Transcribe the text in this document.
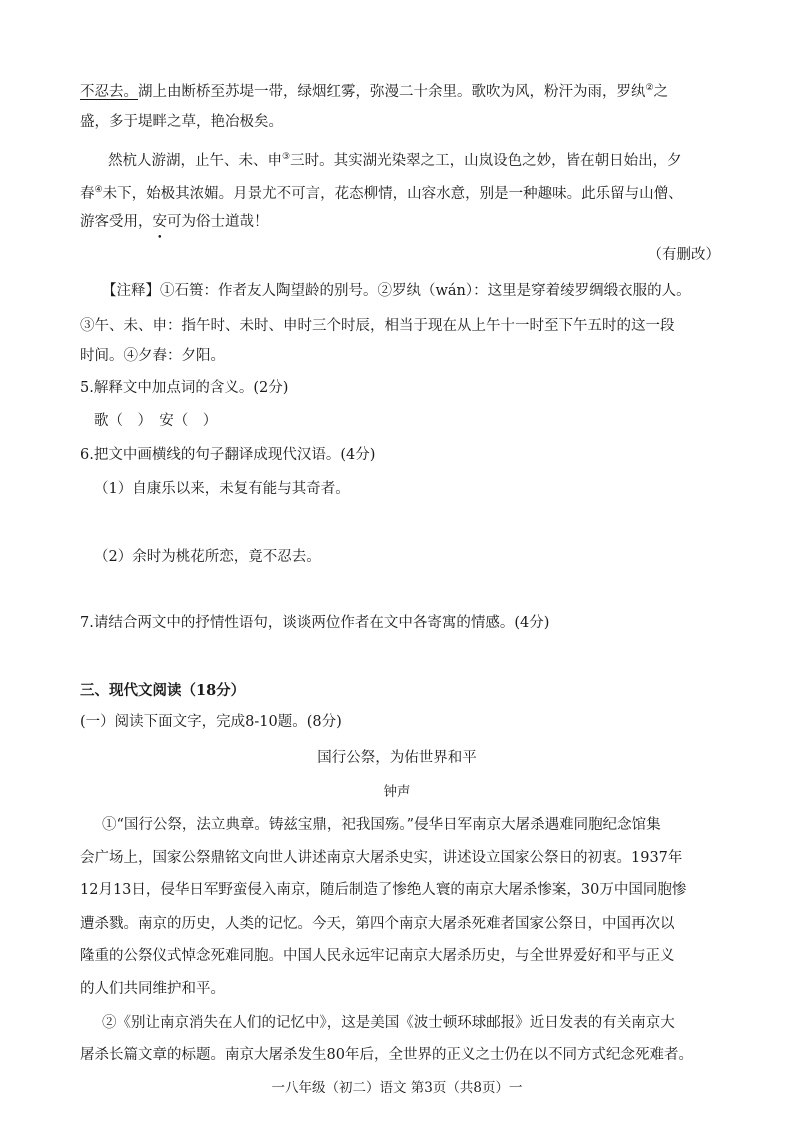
不忍去。湖上由断桥至苏堤一带，绿烟红雾，弥漫二十余里。歌吹为风，粉汗为雨，罗纨②之
盛，多于堤畔之草，艳冶极矣。
然杭人游湖，止午、未、申③三时。其实湖光染翠之工，山岚设色之妙，皆在朝日始出，夕
春④未下，始极其浓媚。月景尤不可言，花态柳情，山容水意，别是一种趣味。此乐留与山僧、
游客受用，安可为俗士道哉！
（有删改）
【注释】①石篑：作者友人陶望龄的别号。②罗纨（wán）：这里是穿着绫罗绸缎衣服的人。
③午、未、申：指午时、未时、申时三个时辰，相当于现在从上午十一时至下午五时的这一段
时间。④夕舂：夕阳。
5.解释文中加点词的含义。(2分)
歌（　）　安（　）
6.把文中画横线的句子翻译成现代汉语。(4分)
（1）自康乐以来，未复有能与其奇者。
（2）余时为桃花所恋，竟不忍去。
7.请结合两文中的抒情性语句，谈谈两位作者在文中各寄寓的情感。(4分)
三、现代文阅读（18分）
(一）阅读下面文字，完成8-10题。(8分)
国行公祭，为佑世界和平
钟声
①“国行公祭，法立典章。铸兹宝鼎，祀我国殇。”侵华日军南京大屠杀遇难同胞纪念馆集
会广场上，国家公祭鼎铭文向世人讲述南京大屠杀史实，讲述设立国家公祭日的初衷。1937年
12月13日，侵华日军野蛮侵入南京，随后制造了惨绝人寰的南京大屠杀惨案，30万中国同胞惨
遭杀戮。南京的历史，人类的记忆。今天，第四个南京大屠杀死难者国家公祭日，中国再次以
隆重的公祭仪式悼念死难同胞。中国人民永远牢记南京大屠杀历史，与全世界爱好和平与正义
的人们共同维护和平。
②《别让南京消失在人们的记忆中》，这是美国《波士顿环球邮报》近日发表的有关南京大
屠杀长篇文章的标题。南京大屠杀发生80年后，全世界的正义之士仍在以不同方式纪念死难者。
一八年级（初二）语文 第3页（共8页）一
